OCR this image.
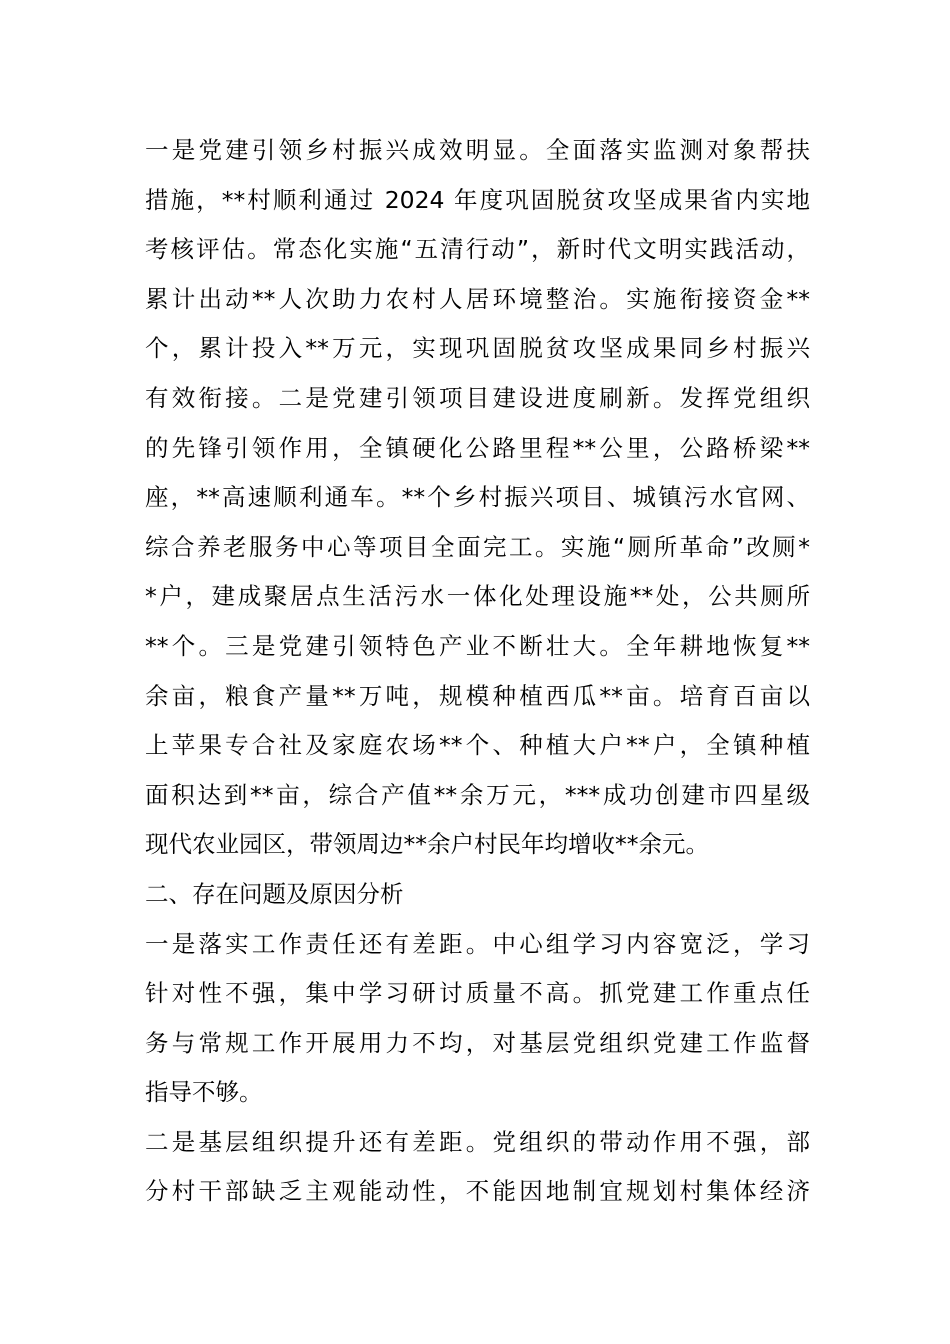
一是党建引领乡村振兴成效明显。全面落实监测对象帮扶
措施，**村顺利通过 2024 年度巩固脱贫攻坚成果省内实地
考核评估。常态化实施“五清行动”，新时代文明实践活动，
累计出动**人次助力农村人居环境整治。实施衔接资金**
个，累计投入**万元，实现巩固脱贫攻坚成果同乡村振兴
有效衔接。二是党建引领项目建设进度刷新。发挥党组织
的先锋引领作用，全镇硬化公路里程**公里，公路桥梁**
座，**高速顺利通车。**个乡村振兴项目、城镇污水官网、
综合养老服务中心等项目全面完工。实施“厕所革命”改厕*
*户，建成聚居点生活污水一体化处理设施**处，公共厕所
**个。三是党建引领特色产业不断壮大。全年耕地恢复**
余亩，粮食产量**万吨，规模种植西瓜**亩。培育百亩以
上苹果专合社及家庭农场**个、种植大户**户，全镇种植
面积达到**亩，综合产值**余万元，***成功创建市四星级
现代农业园区，带领周边**余户村民年均增收**余元。
二、存在问题及原因分析
一是落实工作责任还有差距。中心组学习内容宽泛，学习
针对性不强，集中学习研讨质量不高。抓党建工作重点任
务与常规工作开展用力不均，对基层党组织党建工作监督
指导不够。
二是基层组织提升还有差距。党组织的带动作用不强，部
分村干部缺乏主观能动性，不能因地制宜规划村集体经济
